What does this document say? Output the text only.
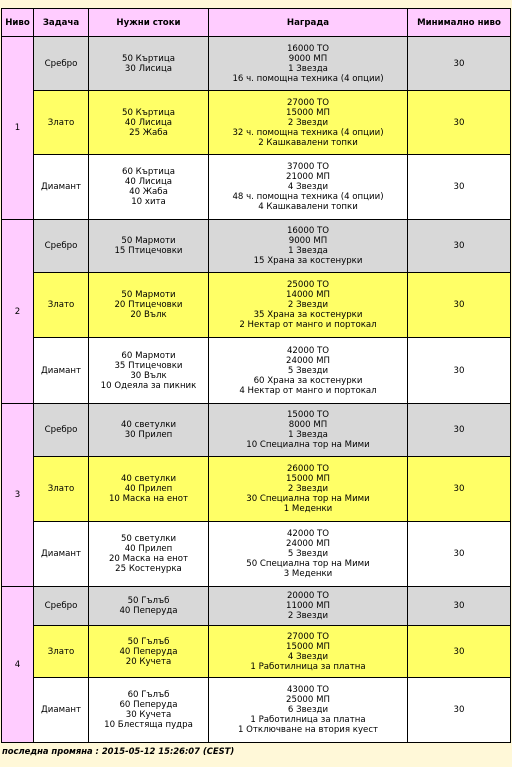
Ниво	Задача	Нужни стоки	Награда	Минимално ниво
1	Сребро	50 Къртица
30 Лисица	16000 ТО
9000 МП
1 Звезда
16 ч. помощна техника (4 опции)	30
	Злато	50 Къртица
40 Лисица
25 Жаба	27000 ТО
15000 МП
2 Звезди
32 ч. помощна техника (4 опции)
2 Кашкавалени топки	30
	Диамант	60 Къртица
40 Лисица
40 Жаба
10 хита	37000 ТО
21000 МП
4 Звезди
48 ч. помощна техника (4 опции)
4 Кашкавалени топки	30
2	Сребро	50 Мармоти
15 Птицечовки	16000 ТО
9000 МП
1 Звезда
15 Храна за костенурки	30
	Злато	50 Мармоти
20 Птицечовки
20 Вълк	25000 ТО
14000 МП
2 Звезди
35 Храна за костенурки
2 Нектар от манго и портокал	30
	Диамант	60 Мармоти
35 Птицечовки
30 Вълк
10 Одеяла за пикник	42000 ТО
24000 МП
5 Звезди
60 Храна за костенурки
4 Нектар от манго и портокал	30
3	Сребро	40 светулки
30 Прилеп	15000 ТО
8000 МП
1 Звезда
10 Специална тор на Мими	30
	Злато	40 светулки
40 Прилеп
10 Маска на енот	26000 ТО
15000 МП
2 Звезди
30 Специална тор на Мими
1 Меденки	30
	Диамант	50 светулки
40 Прилеп
20 Маска на енот
25 Костенурка	42000 ТО
24000 МП
5 Звезди
50 Специална тор на Мими
3 Меденки	30
4	Сребро	50 Гълъб
40 Пеперуда	20000 ТО
11000 МП
2 Звезди	30
	Злато	50 Гълъб
40 Пеперуда
20 Кучета	27000 ТО
15000 МП
4 Звезди
1 Работилница за платна	30
	Диамант	60 Гълъб
60 Пеперуда
30 Кучета
10 Блестяща пудра	43000 ТО
25000 МП
6 Звезди
1 Работилница за платна
1 Отключване на втория куест	30
последна промяна : 2015-05-12 15:26:07 (CEST)
